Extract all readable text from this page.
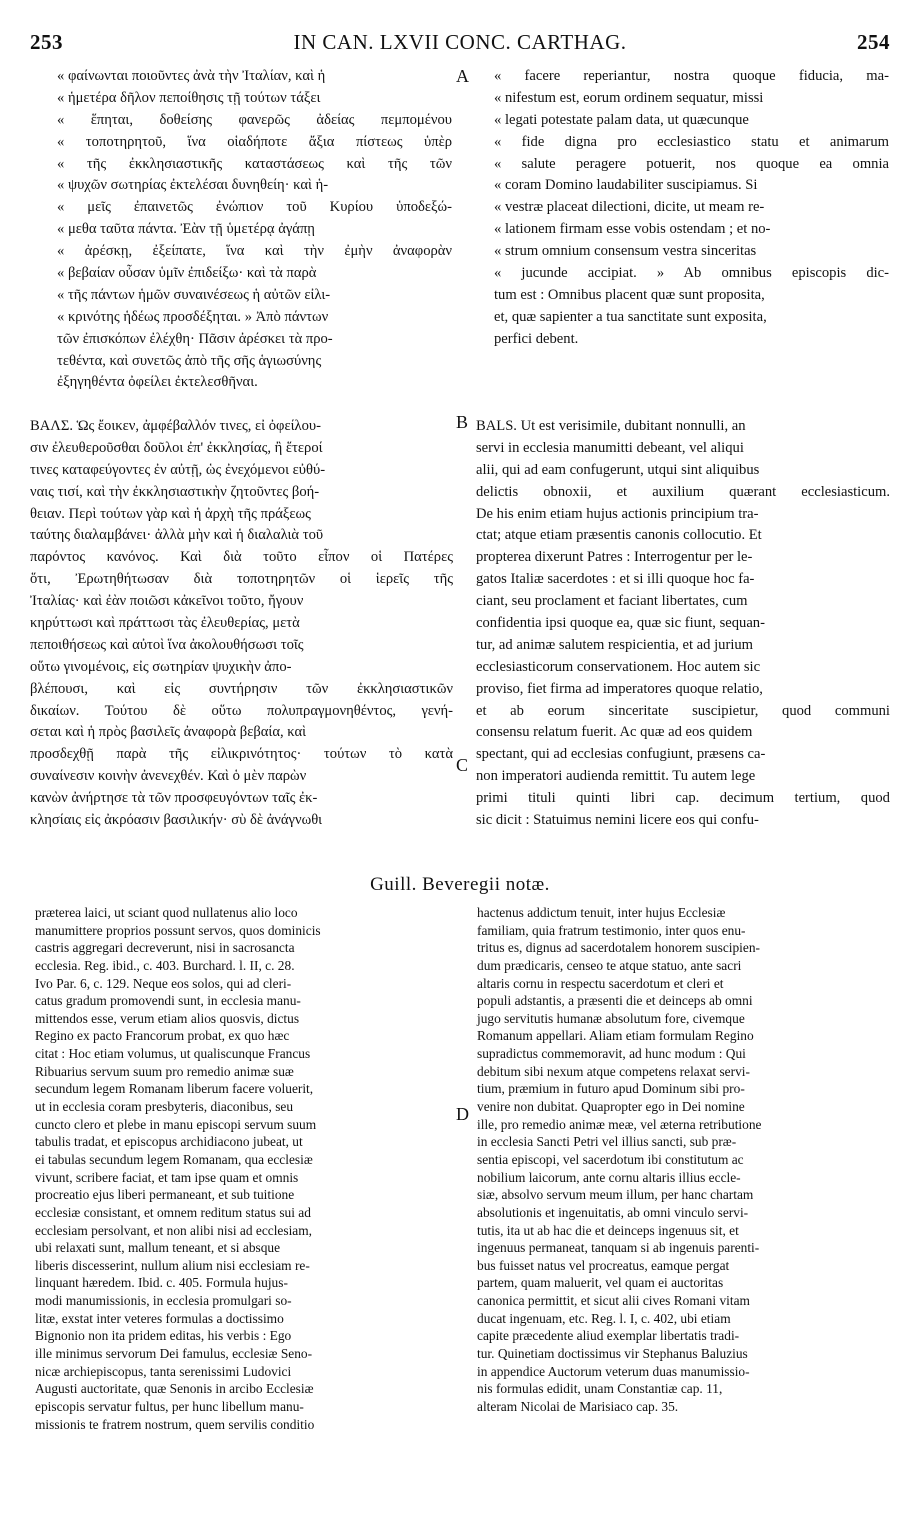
253	IN CAN. LXVII CONC. CARTHAG.	254
« φαίνωνται ποιοῦντες ἀνὰ τὴν Ἰταλίαν, καὶ ἡ
« ἡμετέρα δῆλον πεποίθησις τῇ τούτων τάξει
« ἕπηται, δοθείσης φανερῶς ἀδείας πεμπομένου
« τοποτηρητοῦ, ἵνα οἱαδήποτε ἄξια πίστεως ὑπὲρ
« τῆς ἐκκλησιαστικῆς καταστάσεως καὶ τῆς τῶν
« ψυχῶν σωτηρίας ἐκτελέσαι δυνηθείη· καὶ ἡ-
« μεῖς ἐπαινετῶς ἐνώπιον τοῦ Κυρίου ὑποδεξώ-
« μεθα ταῦτα πάντα. Ἐὰν τῇ ὑμετέρᾳ ἀγάπῃ
« ἀρέσκῃ, ἐξείπατε, ἵνα καὶ τὴν ἐμὴν ἀναφορὰν
« βεβαίαν οὖσαν ὑμῖν ἐπιδείξω· καὶ τὰ παρὰ
« τῆς πάντων ἡμῶν συναινέσεως ἡ αὐτῶν εἰλι-
« κρινότης ἡδέως προσδέξηται. » Ἀπὸ πάντων
τῶν ἐπισκόπων ἐλέχθη· Πᾶσιν ἀρέσκει τὰ προ-
τεθέντα, καὶ συνετῶς ἀπὸ τῆς σῆς ἁγιωσύνης
ἐξηγηθέντα ὀφείλει ἐκτελεσθῆναι.
« facere reperiantur, nostra quoque fiducia, ma-
« nifestum est, eorum ordinem sequatur, missi
« legati potestate palam data, ut quæcunque
« fide digna pro ecclesiastico statu et animarum
« salute peragere potuerit, nos quoque ea omnia
« coram Domino laudabiliter suscipiamus. Si
« vestræ placeat dilectioni, dicite, ut meam re-
« lationem firmam esse vobis ostendam ; et no-
« strum omnium consensum vestra sinceritas
« jucunde accipiat. » Ab omnibus episcopis dic-
tum est : Omnibus placent quæ sunt proposita,
et, quæ sapienter a tua sanctitate sunt exposita,
perfici debent.
ΒΑΛΣ. Ὡς ἔοικεν, ἀμφέβαλλόν τινες, εἰ ὀφείλου-
σιν ἐλευθεροῦσθαι δοῦλοι ἐπ' ἐκκλησίας, ἢ ἕτεροί
τινες καταφεύγοντες ἐν αὐτῇ, ὡς ἐνεχόμενοι εὐθύ-
ναις τισί, καὶ τὴν ἐκκλησιαστικὴν ζητοῦντες βοή-
θειαν. Περὶ τούτων γὰρ καὶ ἡ ἀρχὴ τῆς πράξεως
ταύτης διαλαμβάνει· ἀλλὰ μὴν καὶ ἡ διαλαλιὰ τοῦ
παρόντος κανόνος. Καὶ διὰ τοῦτο εἶπον οἱ Πατέρες
ὅτι, Ἐρωτηθήτωσαν διὰ τοποτηρητῶν οἱ ἱερεῖς τῆς
Ἰταλίας· καὶ ἐὰν ποιῶσι κἀκεῖνοι τοῦτο, ἤγουν
κηρύττωσι καὶ πράττωσι τὰς ἐλευθερίας, μετὰ
πεποιθήσεως καὶ αὐτοὶ ἵνα ἀκολουθήσωσι τοῖς
οὕτω γινομένοις, εἰς σωτηρίαν ψυχικὴν ἀπο-
βλέπουσι, καὶ εἰς συντήρησιν τῶν ἐκκλησιαστικῶν
δικαίων. Τούτου δὲ οὕτω πολυπραγμονηθέντος, γενή-
σεται καὶ ἡ πρὸς βασιλεῖς ἀναφορὰ βεβαία, καὶ
προσδεχθῇ παρὰ τῆς εἰλικρινότητος· τούτων τὸ κατὰ
συναίνεσιν κοινὴν ἀνενεχθέν. Καὶ ὁ μὲν παρὼν
κανὼν ἀνήρτησε τὰ τῶν προσφευγόντων ταῖς ἐκ-
κλησίαις εἰς ἀκρόασιν βασιλικήν· σὺ δὲ ἀνάγνωθι
BALS. Ut est verisimile, dubitant nonnulli, an
servi in ecclesia manumitti debeant, vel aliqui
alii, qui ad eam confugerunt, utqui sint aliquibus
delictis obnoxii, et auxilium quærant ecclesiasticum.
De his enim etiam hujus actionis principium tra-
ctat; atque etiam præsentis canonis collocutio. Et
propterea dixerunt Patres : Interrogentur per le-
gatos Italiæ sacerdotes : et si illi quoque hoc fa-
ciant, seu proclament et faciant libertates, cum
confidentia ipsi quoque ea, quæ sic fiunt, sequan-
tur, ad animæ salutem respicientia, et ad jurium
ecclesiasticorum conservationem. Hoc autem sic
proviso, fiet firma ad imperatores quoque relatio,
et ab eorum sinceritate suscipietur, quod communi
consensu relatum fuerit. Ac quæ ad eos quidem
spectant, qui ad ecclesias confugiunt, præsens ca-
non imperatori audienda remittit. Tu autem lege
primi tituli quinti libri cap. decimum tertium, quod
sic dicit : Statuimus nemini licere eos qui confu-
A
B
C
D
Guill. Beveregii notæ.
præterea laici, ut sciant quod nullatenus alio loco
manumittere proprios possunt servos, quos dominicis
castris aggregari decreverunt, nisi in sacrosancta
ecclesia. Reg. ibid., c. 403. Burchard. l. II, c. 28.
Ivo Par. 6, c. 129. Neque eos solos, qui ad cleri-
catus gradum promovendi sunt, in ecclesia manu-
mittendos esse, verum etiam alios quosvis, dictus
Regino ex pacto Francorum probat, ex quo hæc
citat : Hoc etiam volumus, ut qualiscunque Francus
Ribuarius servum suum pro remedio animæ suæ
secundum legem Romanam liberum facere voluerit,
ut in ecclesia coram presbyteris, diaconibus, seu
cuncto clero et plebe in manu episcopi servum suum
tabulis tradat, et episcopus archidiacono jubeat, ut
ei tabulas secundum legem Romanam, qua ecclesiæ
vivunt, scribere faciat, et tam ipse quam et omnis
procreatio ejus liberi permaneant, et sub tuitione
ecclesiæ consistant, et omnem reditum status sui ad
ecclesiam persolvant, et non alibi nisi ad ecclesiam,
ubi relaxati sunt, mallum teneant, et si absque
liberis discesserint, nullum alium nisi ecclesiam re-
linquant hæredem. Ibid. c. 405. Formula hujus-
modi manumissionis, in ecclesia promulgari so-
litæ, exstat inter veteres formulas a doctissimo
Bignonio non ita pridem editas, his verbis : Ego
ille minimus servorum Dei famulus, ecclesiæ Seno-
nicæ archiepiscopus, tanta serenissimi Ludovici
Augusti auctoritate, quæ Senonis in arcibo Ecclesiæ
episcopis servatur fultus, per hunc libellum manu-
missionis te fratrem nostrum, quem servilis conditio
hactenus addictum tenuit, inter hujus Ecclesiæ
familiam, quia fratrum testimonio, inter quos enu-
tritus es, dignus ad sacerdotalem honorem suscipien-
dum prædicaris, censeo te atque statuo, ante sacri
altaris cornu in respectu sacerdotum et cleri et
populi adstantis, a præsenti die et deinceps ab omni
jugo servitutis humanæ absolutum fore, civemque
Romanum appellari. Aliam etiam formulam Regino
supradictus commemoravit, ad hunc modum : Qui
debitum sibi nexum atque competens relaxat servi-
tium, præmium in futuro apud Dominum sibi pro-
venire non dubitat. Quapropter ego in Dei nomine
ille, pro remedio animæ meæ, vel æterna retributione
in ecclesia Sancti Petri vel illius sancti, sub præ-
sentia episcopi, vel sacerdotum ibi constitutum ac
nobilium laicorum, ante cornu altaris illius eccle-
siæ, absolvo servum meum illum, per hanc chartam
absolutionis et ingenuitatis, ab omni vinculo servi-
tutis, ita ut ab hac die et deinceps ingenuus sit, et
ingenuus permaneat, tanquam si ab ingenuis parenti-
bus fuisset natus vel procreatus, eamque pergat
partem, quam maluerit, vel quam ei auctoritas
canonica permittit, et sicut alii cives Romani vitam
ducat ingenuam, etc. Reg. l. I, c. 402, ubi etiam
capite præcedente aliud exemplar libertatis tradi-
tur. Quinetiam doctissimus vir Stephanus Baluzius
in appendice Auctorum veterum duas manumissio-
nis formulas edidit, unam Constantiæ cap. 11,
alteram Nicolai de Marisiaco cap. 35.
